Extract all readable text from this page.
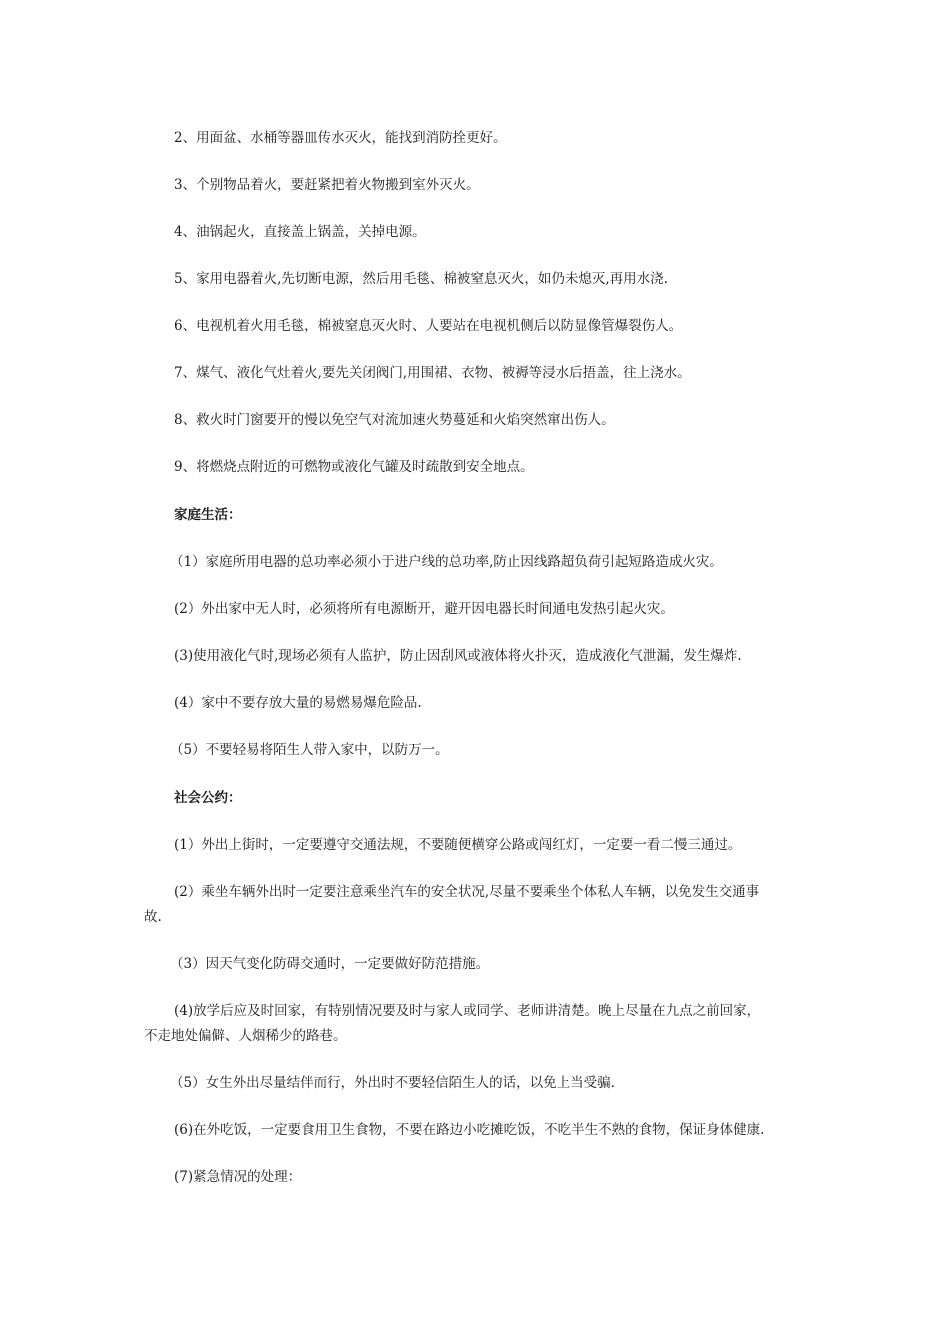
2、用面盆、水桶等器皿传水灭火，能找到消防拴更好。
3、个别物品着火，要赶紧把着火物搬到室外灭火。
4、油锅起火，直接盖上锅盖，关掉电源。
5、家用电器着火,先切断电源，然后用毛毯、棉被窒息灭火，如仍未熄灭,再用水浇.
6、电视机着火用毛毯，棉被窒息灭火时、人要站在电视机侧后以防显像管爆裂伤人。
7、煤气、液化气灶着火,要先关闭阀门,用围裙、衣物、被褥等浸水后捂盖，往上浇水。
8、救火时门窗要开的慢以免空气对流加速火势蔓延和火焰突然窜出伤人。
9、将燃烧点附近的可燃物或液化气罐及时疏散到安全地点。
家庭生活：
（1）家庭所用电器的总功率必须小于进户线的总功率,防止因线路超负荷引起短路造成火灾。
(2）外出家中无人时，必须将所有电源断开，避开因电器长时间通电发热引起火灾。
(3)使用液化气时,现场必须有人监护，防止因刮风或液体将火扑灭，造成液化气泄漏，发生爆炸.
(4）家中不要存放大量的易燃易爆危险品.
（5）不要轻易将陌生人带入家中，以防万一。
社会公约：
(1）外出上街时，一定要遵守交通法规，不要随便横穿公路或闯红灯，一定要一看二慢三通过。
(2）乘坐车辆外出时一定要注意乘坐汽车的安全状况,尽量不要乘坐个体私人车辆，以免发生交通事
故.
（3）因天气变化防碍交通时，一定要做好防范措施。
(4)放学后应及时回家，有特别情况要及时与家人或同学、老师讲清楚。晚上尽量在九点之前回家，
不走地处偏僻、人烟稀少的路巷。
（5）女生外出尽量结伴而行，外出时不要轻信陌生人的话，以免上当受骗.
(6)在外吃饭，一定要食用卫生食物，不要在路边小吃摊吃饭，不吃半生不熟的食物，保证身体健康.
(7)紧急情况的处理：
